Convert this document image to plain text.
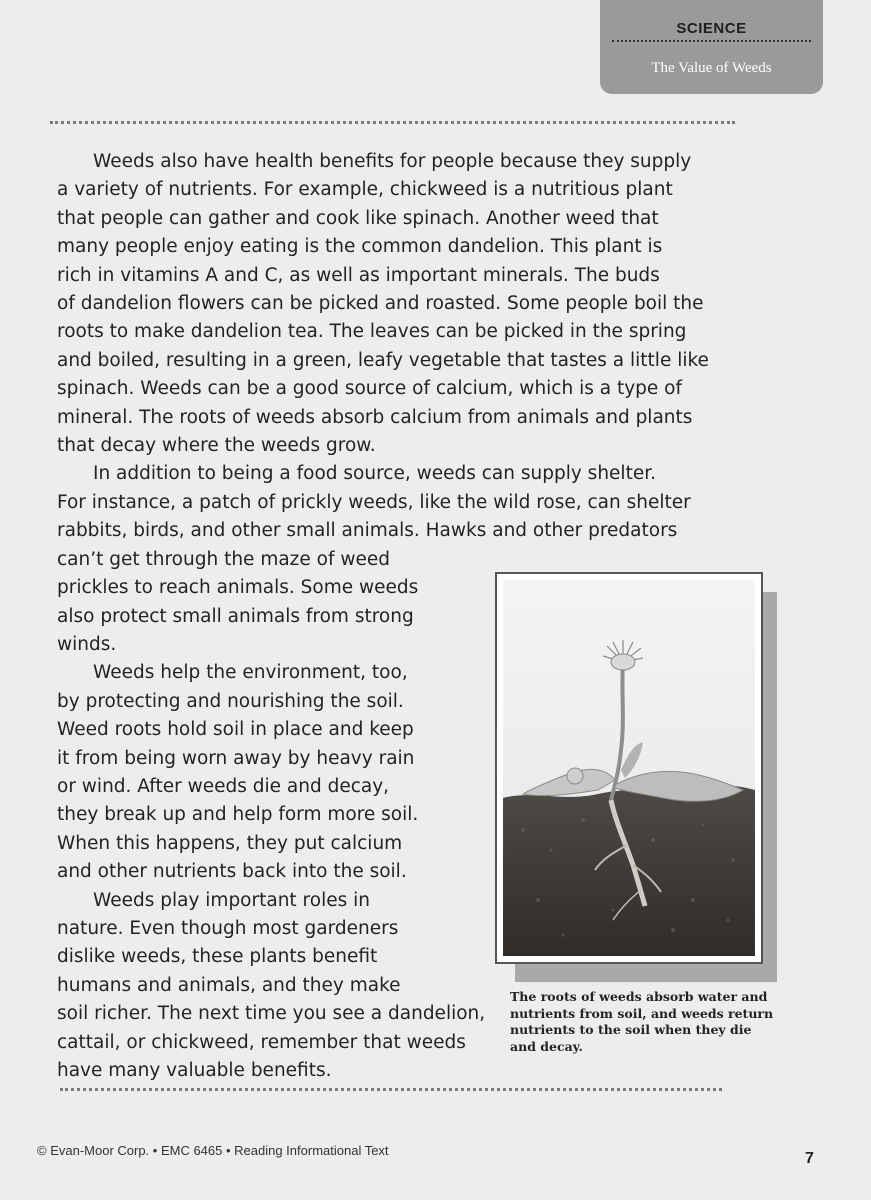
SCIENCE
The Value of Weeds
Weeds also have health benefits for people because they supply
a variety of nutrients. For example, chickweed is a nutritious plant
that people can gather and cook like spinach. Another weed that
many people enjoy eating is the common dandelion. This plant is
rich in vitamins A and C, as well as important minerals. The buds
of dandelion flowers can be picked and roasted. Some people boil the
roots to make dandelion tea. The leaves can be picked in the spring
and boiled, resulting in a green, leafy vegetable that tastes a little like
spinach. Weeds can be a good source of calcium, which is a type of
mineral. The roots of weeds absorb calcium from animals and plants
that decay where the weeds grow.
In addition to being a food source, weeds can supply shelter.
For instance, a patch of prickly weeds, like the wild rose, can shelter
rabbits, birds, and other small animals. Hawks and other predators
can’t get through the maze of weed
prickles to reach animals. Some weeds
also protect small animals from strong
winds.
Weeds help the environment, too,
by protecting and nourishing the soil.
Weed roots hold soil in place and keep
it from being worn away by heavy rain
or wind. After weeds die and decay,
they break up and help form more soil.
When this happens, they put calcium
and other nutrients back into the soil.
Weeds play important roles in
nature. Even though most gardeners
dislike weeds, these plants benefit
humans and animals, and they make
soil richer. The next time you see a dandelion,
cattail, or chickweed, remember that weeds
have many valuable benefits.
The roots of weeds absorb water and
nutrients from soil, and weeds return
nutrients to the soil when they die
and decay.
© Evan-Moor Corp. • EMC 6465 • Reading Informational Text	7
